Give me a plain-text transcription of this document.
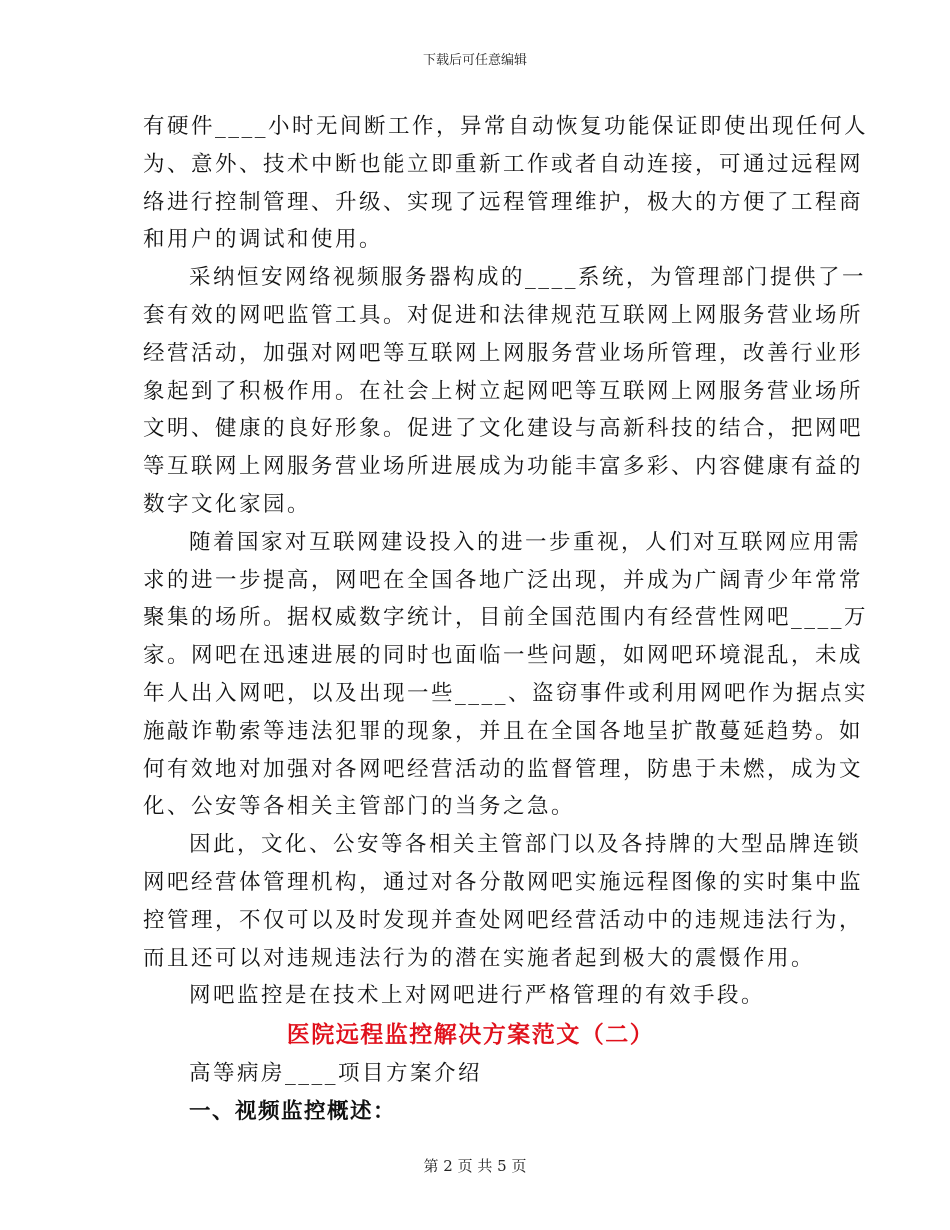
下载后可任意编辑
有硬件____小时无间断工作，异常自动恢复功能保证即使出现任何人
为、意外、技术中断也能立即重新工作或者自动连接，可通过远程网
络进行控制管理、升级、实现了远程管理维护，极大的方便了工程商
和用户的调试和使用。
采纳恒安网络视频服务器构成的____系统，为管理部门提供了一
套有效的网吧监管工具。对促进和法律规范互联网上网服务营业场所
经营活动，加强对网吧等互联网上网服务营业场所管理，改善行业形
象起到了积极作用。在社会上树立起网吧等互联网上网服务营业场所
文明、健康的良好形象。促进了文化建设与高新科技的结合，把网吧
等互联网上网服务营业场所进展成为功能丰富多彩、内容健康有益的
数字文化家园。
随着国家对互联网建设投入的进一步重视，人们对互联网应用需
求的进一步提高，网吧在全国各地广泛出现，并成为广阔青少年常常
聚集的场所。据权威数字统计，目前全国范围内有经营性网吧____万
家。网吧在迅速进展的同时也面临一些问题，如网吧环境混乱，未成
年人出入网吧，以及出现一些____、盗窃事件或利用网吧作为据点实
施敲诈勒索等违法犯罪的现象，并且在全国各地呈扩散蔓延趋势。如
何有效地对加强对各网吧经营活动的监督管理，防患于未燃，成为文
化、公安等各相关主管部门的当务之急。
因此，文化、公安等各相关主管部门以及各持牌的大型品牌连锁
网吧经营体管理机构，通过对各分散网吧实施远程图像的实时集中监
控管理，不仅可以及时发现并查处网吧经营活动中的违规违法行为，
而且还可以对违规违法行为的潜在实施者起到极大的震慑作用。
网吧监控是在技术上对网吧进行严格管理的有效手段。
医院远程监控解决方案范文（二）

高等病房____项目方案介绍

一、视频监控概述：

第 2 页 共 5 页
